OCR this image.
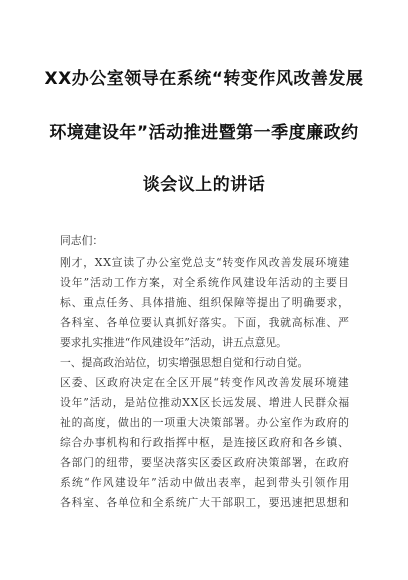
XX办公室领导在系统“转变作风改善发展
环境建设年”活动推进暨第一季度廉政约
谈会议上的讲话
同志们：
刚才，XX宣读了办公室党总支“转变作风改善发展环境建
设年”活动工作方案，对全系统作风建设年活动的主要目
标、重点任务、具体措施、组织保障等提出了明确要求，
各科室、各单位要认真抓好落实。下面，我就高标准、严
要求扎实推进“作风建设年”活动，讲五点意见。
一、提高政治站位，切实增强思想自觉和行动自觉。
区委、区政府决定在全区开展“转变作风改善发展环境建
设年”活动，是站位推动XX区长远发展、增进人民群众福
祉的高度，做出的一项重大决策部署。办公室作为政府的
综合办事机构和行政指挥中枢，是连接区政府和各乡镇、
各部门的纽带，要坚决落实区委区政府决策部署，在政府
系统“作风建设年”活动中做出表率，起到带头引领作用
各科室、各单位和全系统广大干部职工，要迅速把思想和
